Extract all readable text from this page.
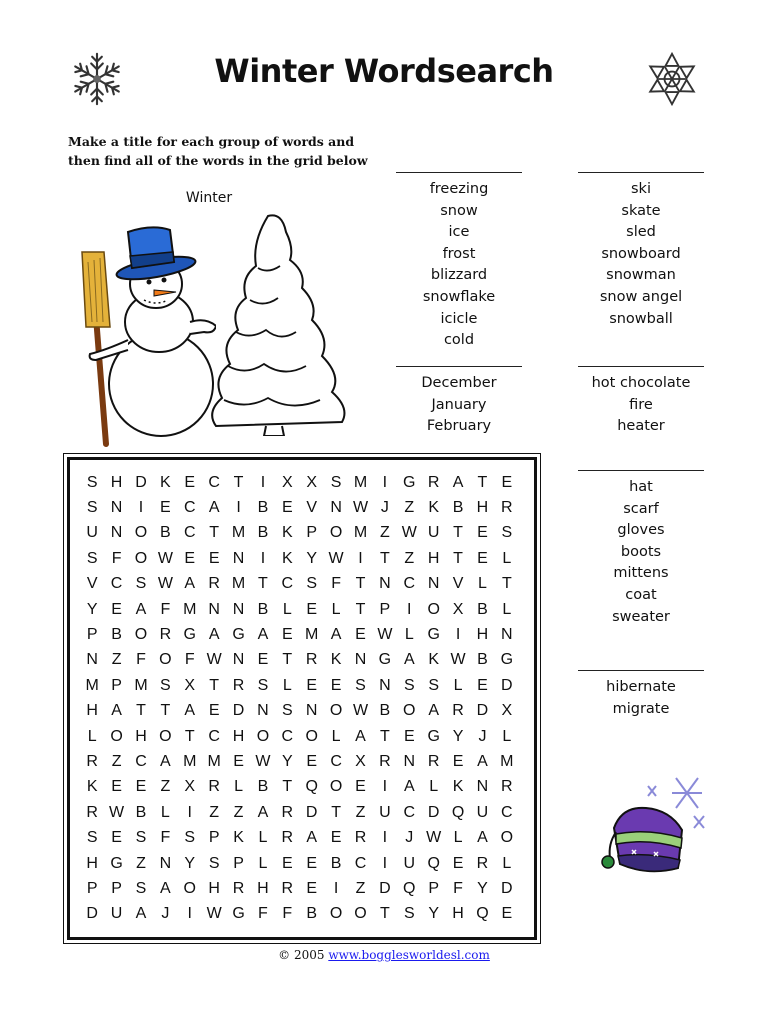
Winter Wordsearch
Make a title for each group of words and
then find all of the words in the grid below
Winter
freezing
snow
ice
frost
blizzard
snowflake
icicle
cold
ski
skate
sled
snowboard
snowman
snow angel
snowball
December
January
February
hot chocolate
fire
heater
hat
scarf
gloves
boots
mittens
coat
sweater
hibernate
migrate
S	H	D	K	E	C	T	I	X	X	S	M	I	G	R	A	T	E
S	N	I	E	C	A	I	B	E	V	N	W	J	Z	K	B	H	R
U	N	O	B	C	T	M	B	K	P	O	M	Z	W	U	T	E	S
S	F	O	W	E	E	N	I	K	Y	W	I	T	Z	H	T	E	L
V	C	S	W	A	R	M	T	C	S	F	T	N	C	N	V	L	T
Y	E	A	F	M	N	N	B	L	E	L	T	P	I	O	X	B	L
P	B	O	R	G	A	G	A	E	M	A	E	W	L	G	I	H	N
N	Z	F	O	F	W	N	E	T	R	K	N	G	A	K	W	B	G
M	P	M	S	X	T	R	S	L	E	E	S	N	S	S	L	E	D
H	A	T	T	A	E	D	N	S	N	O	W	B	O	A	R	D	X
L	O	H	O	T	C	H	O	C	O	L	A	T	E	G	Y	J	L
R	Z	C	A	M	M	E	W	Y	E	C	X	R	N	R	E	A	M
K	E	E	Z	X	R	L	B	T	Q	O	E	I	A	L	K	N	R
R	W	B	L	I	Z	Z	A	R	D	T	Z	U	C	D	Q	U	C
S	E	S	F	S	P	K	L	R	A	E	R	I	J	W	L	A	O
H	G	Z	N	Y	S	P	L	E	E	B	C	I	U	Q	E	R	L
P	P	S	A	O	H	R	H	R	E	I	Z	D	Q	P	F	Y	D
D	U	A	J	I	W	G	F	F	B	O	O	T	S	Y	H	Q	E
© 2005 www.bogglesworldesl.com
